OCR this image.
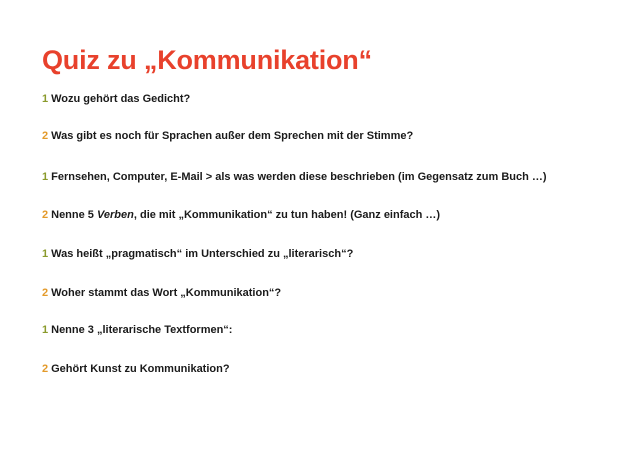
Quiz zu „Kommunikation“
1 Wozu gehört das Gedicht?
2 Was gibt es noch für Sprachen außer dem Sprechen mit der Stimme?
1 Fernsehen, Computer, E-Mail > als was werden diese beschrieben (im Gegensatz zum Buch …)
2 Nenne 5 Verben, die mit „Kommunikation“ zu tun haben! (Ganz einfach …)
1 Was heißt „pragmatisch“ im Unterschied zu „literarisch“?
2 Woher stammt das Wort „Kommunikation“?
1 Nenne 3 „literarische Textformen“:
2 Gehört Kunst zu Kommunikation?
